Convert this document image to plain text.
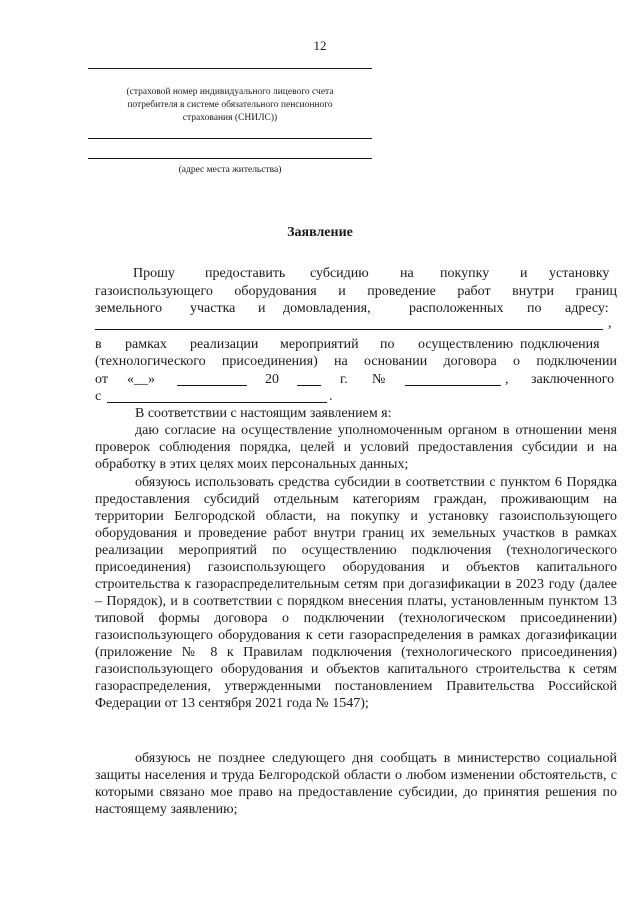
12
(страховой номер индивидуального лицевого счета
потребителя в системе обязательного пенсионного
страхования (СНИЛС))
(адрес места жительства)
Заявление
Прошу предоставить субсидию на покупку и установку
газоиспользующего оборудования и проведение работ внутри границ
земельного участка и домовладения,	расположенных по адресу:
,
в рамках реализации мероприятий по осуществлению подключения
(технологического присоединения) на основании договора о подключении
от «__»	20	г. №	, заключенного
с	.
В соответствии с настоящим заявлением я:
даю согласие на осуществление уполномоченным органом в отношении меня проверок соблюдения порядка, целей и условий предоставления субсидии и на обработку в этих целях моих персональных данных;
обязуюсь использовать средства субсидии в соответствии с пунктом 6 Порядка предоставления субсидий отдельным категориям граждан, проживающим на территории Белгородской области, на покупку и установку газоиспользующего оборудования и проведение работ внутри границ их земельных участков в рамках реализации мероприятий по осуществлению подключения (технологического присоединения) газоиспользующего оборудования и объектов капитального строительства к газораспределительным сетям при догазификации в 2023 году (далее – Порядок), и в соответствии с порядком внесения платы, установленным пунктом 13 типовой формы договора о подключении (технологическом присоединении) газоиспользующего оборудования к сети газораспределения в рамках догазификации (приложение № 8 к Правилам подключения (технологического присоединения) газоиспользующего оборудования и объектов капитального строительства к сетям газораспределения, утвержденными постановлением Правительства Российской Федерации от 13 сентября 2021 года № 1547);
обязуюсь не позднее следующего дня сообщать в министерство социальной защиты населения и труда Белгородской области о любом изменении обстоятельств, с которыми связано мое право на предоставление субсидии, до принятия решения по настоящему заявлению;
